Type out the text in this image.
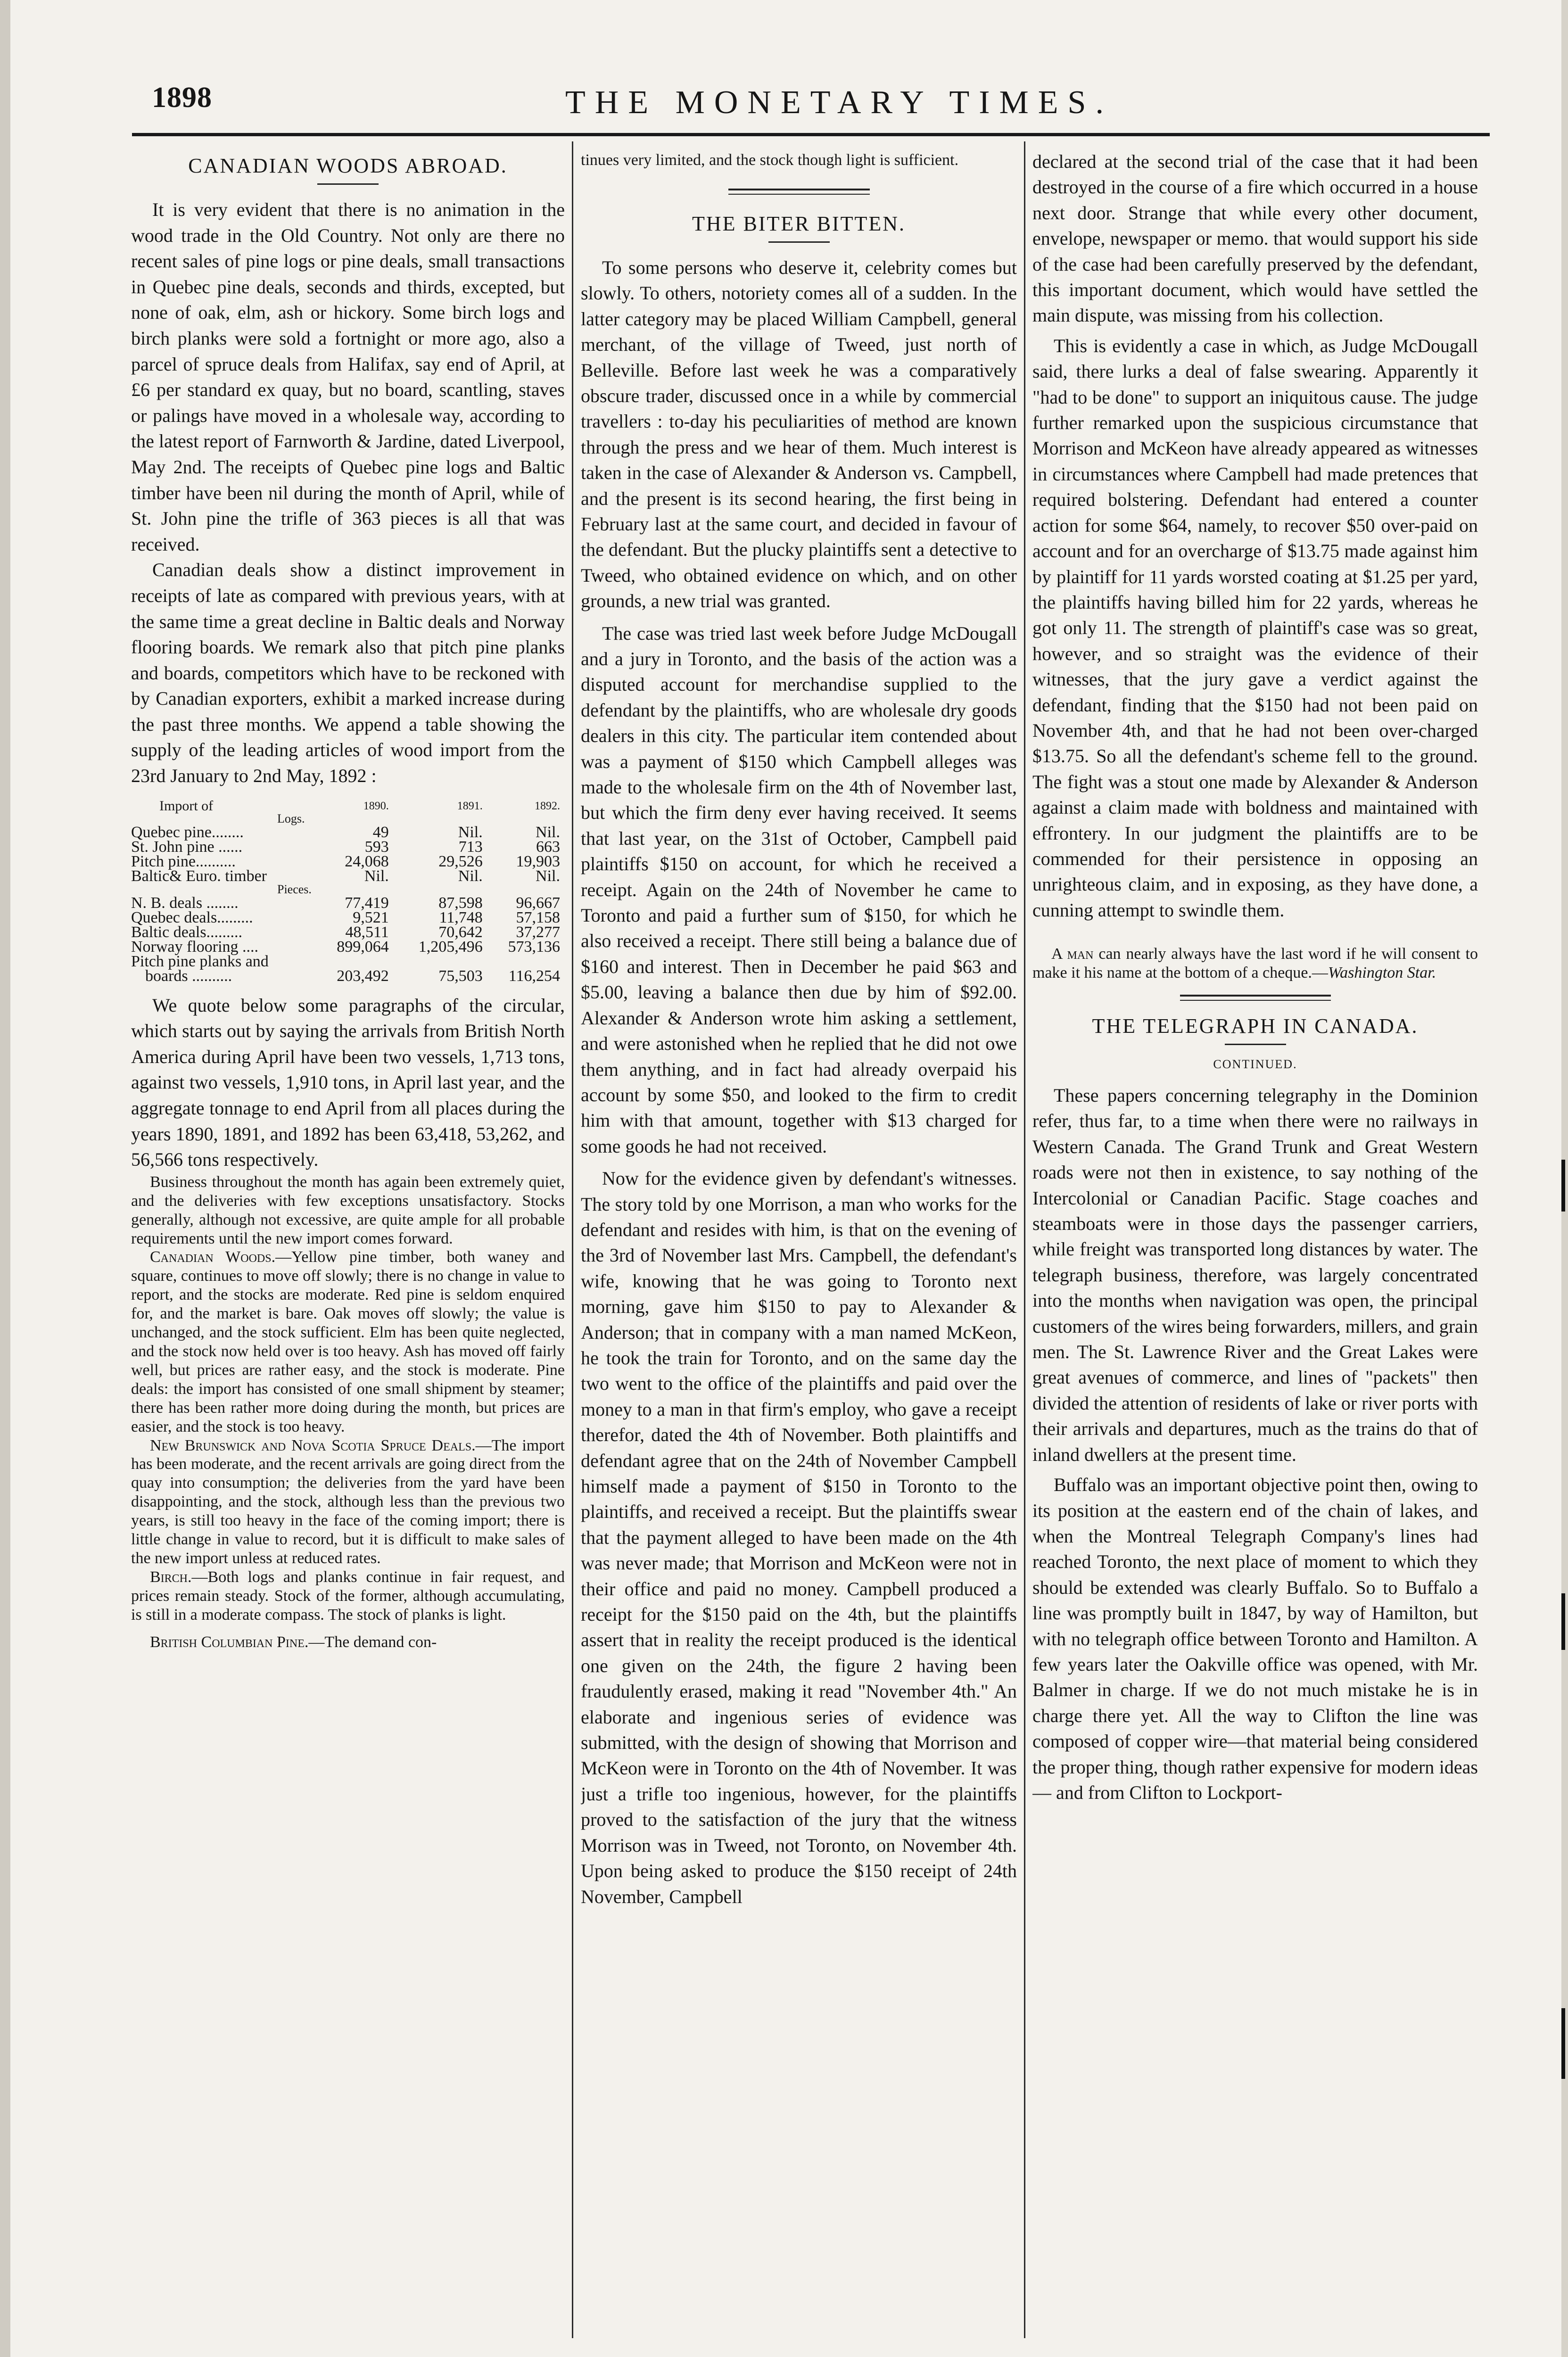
1898	THE MONETARY TIMES.
CANADIAN WOODS ABROAD.

It is very evident that there is no animation in the wood trade in the Old Country. Not only are there no recent sales of pine logs or pine deals, small transactions in Quebec pine deals, seconds and thirds, excepted, but none of oak, elm, ash or hickory. Some birch logs and birch planks were sold a fortnight or more ago, also a parcel of spruce deals from Halifax, say end of April, at £6 per standard ex quay, but no board, scantling, staves or palings have moved in a wholesale way, according to the latest report of Farnworth & Jardine, dated Liverpool, May 2nd. The receipts of Quebec pine logs and Baltic timber have been nil during the month of April, while of St. John pine the trifle of 363 pieces is all that was received.

Canadian deals show a distinct improvement in receipts of late as compared with previous years, with at the same time a great decline in Baltic deals and Norway flooring boards. We remark also that pitch pine planks and boards, competitors which have to be reckoned with by Canadian exporters, exhibit a marked increase during the past three months. We append a table showing the supply of the leading articles of wood import from the 23rd January to 2nd May, 1892 :

Import of	1890.	1891.	1892.
Logs.			
Quebec pine........	49	Nil.	Nil.
St. John pine ......	593	713	663
Pitch pine..........	24,068	29,526	19,903
Baltic& Euro. timber	Nil.	Nil.	Nil.
Pieces.			
N. B. deals ........	77,419	87,598	96,667
Quebec deals.........	9,521	11,748	57,158
Baltic deals.........	48,511	70,642	37,277
Norway flooring ....	899,064	1,205,496	573,136
Pitch pine planks and			
boards ..........	203,492	75,503	116,254

We quote below some paragraphs of the circular, which starts out by saying the arrivals from British North America during April have been two vessels, 1,713 tons, against two vessels, 1,910 tons, in April last year, and the aggregate tonnage to end April from all places during the years 1890, 1891, and 1892 has been 63,418, 53,262, and 56,566 tons respectively.

Business throughout the month has again been extremely quiet, and the deliveries with few exceptions unsatisfactory. Stocks generally, although not excessive, are quite ample for all probable requirements until the new import comes forward.

Canadian Woods.—Yellow pine timber, both waney and square, continues to move off slowly; there is no change in value to report, and the stocks are moderate. Red pine is seldom enquired for, and the market is bare. Oak moves off slowly; the value is unchanged, and the stock sufficient. Elm has been quite neglected, and the stock now held over is too heavy. Ash has moved off fairly well, but prices are rather easy, and the stock is moderate. Pine deals: the import has consisted of one small shipment by steamer; there has been rather more doing during the month, but prices are easier, and the stock is too heavy.

New Brunswick and Nova Scotia Spruce Deals.—The import has been moderate, and the recent arrivals are going direct from the quay into consumption; the deliveries from the yard have been disappointing, and the stock, although less than the previous two years, is still too heavy in the face of the coming import; there is little change in value to record, but it is difficult to make sales of the new import unless at reduced rates.

Birch.—Both logs and planks continue in fair request, and prices remain steady. Stock of the former, although accumulating, is still in a moderate compass. The stock of planks is light.

British Columbian Pine.—The demand con-

tinues very limited, and the stock though light is sufficient.

THE BITER BITTEN.

To some persons who deserve it, celebrity comes but slowly. To others, notoriety comes all of a sudden. In the latter category may be placed William Campbell, general merchant, of the village of Tweed, just north of Belleville. Before last week he was a comparatively obscure trader, discussed once in a while by commercial travellers : to-day his peculiarities of method are known through the press and we hear of them. Much interest is taken in the case of Alexander & Anderson vs. Campbell, and the present is its second hearing, the first being in February last at the same court, and decided in favour of the defendant. But the plucky plaintiffs sent a detective to Tweed, who obtained evidence on which, and on other grounds, a new trial was granted.

The case was tried last week before Judge McDougall and a jury in Toronto, and the basis of the action was a disputed account for merchandise supplied to the defendant by the plaintiffs, who are wholesale dry goods dealers in this city. The particular item contended about was a payment of $150 which Campbell alleges was made to the wholesale firm on the 4th of November last, but which the firm deny ever having received. It seems that last year, on the 31st of October, Campbell paid plaintiffs $150 on account, for which he received a receipt. Again on the 24th of November he came to Toronto and paid a further sum of $150, for which he also received a receipt. There still being a balance due of $160 and interest. Then in December he paid $63 and $5.00, leaving a balance then due by him of $92.00. Alexander & Anderson wrote him asking a settlement, and were astonished when he replied that he did not owe them anything, and in fact had already overpaid his account by some $50, and looked to the firm to credit him with that amount, together with $13 charged for some goods he had not received.

Now for the evidence given by defendant's witnesses. The story told by one Morrison, a man who works for the defendant and resides with him, is that on the evening of the 3rd of November last Mrs. Campbell, the defendant's wife, knowing that he was going to Toronto next morning, gave him $150 to pay to Alexander & Anderson; that in company with a man named McKeon, he took the train for Toronto, and on the same day the two went to the office of the plaintiffs and paid over the money to a man in that firm's employ, who gave a receipt therefor, dated the 4th of November. Both plaintiffs and defendant agree that on the 24th of November Campbell himself made a payment of $150 in Toronto to the plaintiffs, and received a receipt. But the plaintiffs swear that the payment alleged to have been made on the 4th was never made; that Morrison and McKeon were not in their office and paid no money. Campbell produced a receipt for the $150 paid on the 4th, but the plaintiffs assert that in reality the receipt produced is the identical one given on the 24th, the figure 2 having been fraudulently erased, making it read "November 4th." An elaborate and ingenious series of evidence was submitted, with the design of showing that Morrison and McKeon were in Toronto on the 4th of November. It was just a trifle too ingenious, however, for the plaintiffs proved to the satisfaction of the jury that the witness Morrison was in Tweed, not Toronto, on November 4th. Upon being asked to produce the $150 receipt of 24th November, Campbell

declared at the second trial of the case that it had been destroyed in the course of a fire which occurred in a house next door. Strange that while every other document, envelope, newspaper or memo. that would support his side of the case had been carefully preserved by the defendant, this important document, which would have settled the main dispute, was missing from his collection.

This is evidently a case in which, as Judge McDougall said, there lurks a deal of false swearing. Apparently it "had to be done" to support an iniquitous cause. The judge further remarked upon the suspicious circumstance that Morrison and McKeon have already appeared as witnesses in circumstances where Campbell had made pretences that required bolstering. Defendant had entered a counter action for some $64, namely, to recover $50 over-paid on account and for an overcharge of $13.75 made against him by plaintiff for 11 yards worsted coating at $1.25 per yard, the plaintiffs having billed him for 22 yards, whereas he got only 11. The strength of plaintiff's case was so great, however, and so straight was the evidence of their witnesses, that the jury gave a verdict against the defendant, finding that the $150 had not been paid on November 4th, and that he had not been over-charged $13.75. So all the defendant's scheme fell to the ground. The fight was a stout one made by Alexander & Anderson against a claim made with boldness and maintained with effrontery. In our judgment the plaintiffs are to be commended for their persistence in opposing an unrighteous claim, and in exposing, as they have done, a cunning attempt to swindle them.

A man can nearly always have the last word if he will consent to make it his name at the bottom of a cheque.—Washington Star.

THE TELEGRAPH IN CANADA.
CONTINUED.

These papers concerning telegraphy in the Dominion refer, thus far, to a time when there were no railways in Western Canada. The Grand Trunk and Great Western roads were not then in existence, to say nothing of the Intercolonial or Canadian Pacific. Stage coaches and steamboats were in those days the passenger carriers, while freight was transported long distances by water. The telegraph business, therefore, was largely concentrated into the months when navigation was open, the principal customers of the wires being forwarders, millers, and grain men. The St. Lawrence River and the Great Lakes were great avenues of commerce, and lines of "packets" then divided the attention of residents of lake or river ports with their arrivals and departures, much as the trains do that of inland dwellers at the present time.

Buffalo was an important objective point then, owing to its position at the eastern end of the chain of lakes, and when the Montreal Telegraph Company's lines had reached Toronto, the next place of moment to which they should be extended was clearly Buffalo. So to Buffalo a line was promptly built in 1847, by way of Hamilton, but with no telegraph office between Toronto and Hamilton. A few years later the Oakville office was opened, with Mr. Balmer in charge. If we do not much mistake he is in charge there yet. All the way to Clifton the line was composed of copper wire—that material being considered the proper thing, though rather expensive for modern ideas — and from Clifton to Lockport-
